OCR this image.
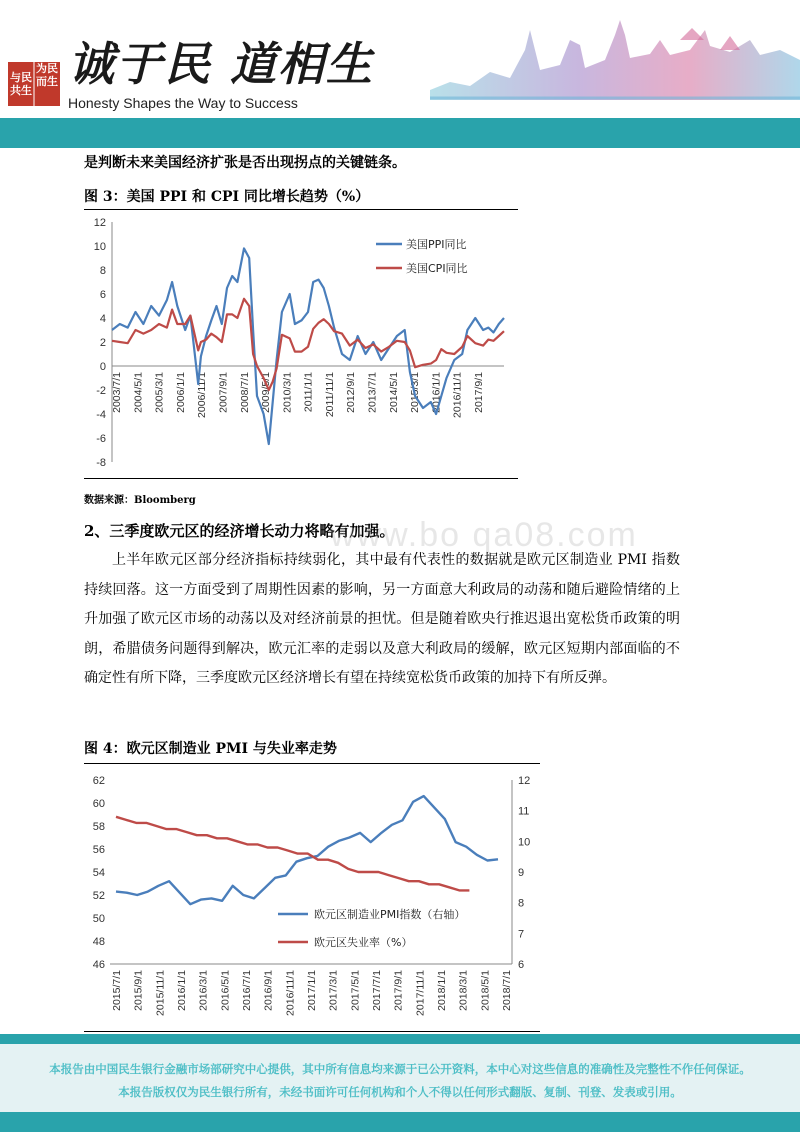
为民
与民 而生
共生 诚于民 道相生
Honesty Shapes the Way to Success
是判断未来美国经济扩张是否出现拐点的关键链条。
图 3：美国 PPI 和 CPI 同比增长趋势（%）
-8
-6
-4
-2
0
2
4
6
8
10
12
2003/7/1 2004/5/1 2005/3/1 2006/1/1 2006/11/1 2007/9/1 2008/7/1 2009/5/1 2010/3/1 2011/1/1 2011/11/1 2012/9/1 2013/7/1 2014/5/1 2015/3/1 2016/1/1 2016/11/1 2017/9/1
美国PPI同比
美国CPI同比
数据来源：Bloomberg
2、三季度欧元区的经济增长动力将略有加强。
www.bo qa08.com
上半年欧元区部分经济指标持续弱化，其中最有代表性的数据就是欧元区制造业 PMI 指数持续回落。这一方面受到了周期性因素的影响，另一方面意大利政局的动荡和随后避险情绪的上升加强了欧元区市场的动荡以及对经济前景的担忧。但是随着欧央行推迟退出宽松货币政策的明朗，希腊债务问题得到解决，欧元汇率的走弱以及意大利政局的缓解，欧元区短期内部面临的不确定性有所下降，三季度欧元区经济增长有望在持续宽松货币政策的加持下有所反弹。
图 4：欧元区制造业 PMI 与失业率走势
46
48
50
52
54
56
58
60
62
6
7
8
9
10
11
12
2015/7/1 2015/9/1 2015/11/1 2016/1/1 2016/3/1 2016/5/1 2016/7/1 2016/9/1 2016/11/1 2017/1/1 2017/3/1 2017/5/1 2017/7/1 2017/9/1 2017/11/1 2018/1/1 2018/3/1 2018/5/1 2018/7/1
欧元区制造业PMI指数（右轴）
欧元区失业率（%）
本报告由中国民生银行金融市场部研究中心提供，其中所有信息均来源于已公开资料，本中心对这些信息的准确性及完整性不作任何保证。
本报告版权仅为民生银行所有，未经书面许可任何机构和个人不得以任何形式翻版、复制、刊登、发表或引用。
